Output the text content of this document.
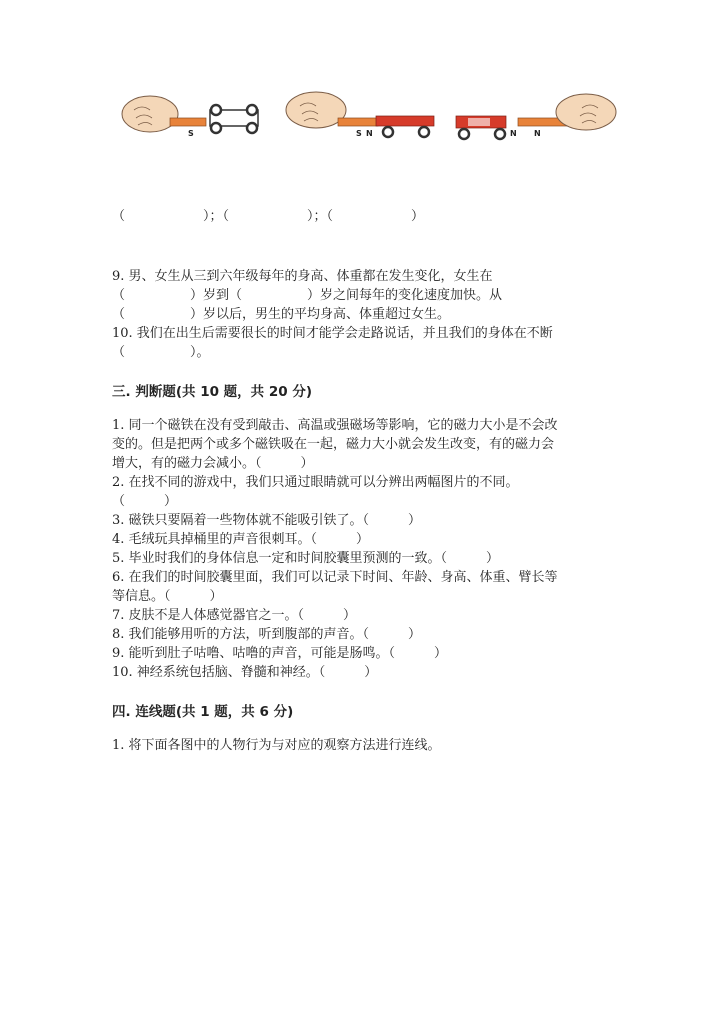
S	S N	N N
（　　　　　　）；（　　　　　　）；（　　　　　　）
9. 男、女生从三到六年级每年的身高、体重都在发生变化，女生在
（　　　　　）岁到（　　　　　）岁之间每年的变化速度加快。从
（　　　　　）岁以后，男生的平均身高、体重超过女生。
10. 我们在出生后需要很长的时间才能学会走路说话，并且我们的身体在不断
（　　　　　）。
三. 判断题(共 10 题，共 20 分)
1. 同一个磁铁在没有受到敲击、高温或强磁场等影响，它的磁力大小是不会改
变的。但是把两个或多个磁铁吸在一起，磁力大小就会发生改变，有的磁力会
增大，有的磁力会减小。（　　　）
2. 在找不同的游戏中，我们只通过眼睛就可以分辨出两幅图片的不同。
（　　　）
3. 磁铁只要隔着一些物体就不能吸引铁了。（　　　）
4. 毛绒玩具掉桶里的声音很刺耳。（　　　）
5. 毕业时我们的身体信息一定和时间胶囊里预测的一致。（　　　）
6. 在我们的时间胶囊里面，我们可以记录下时间、年龄、身高、体重、臂长等
等信息。（　　　）
7. 皮肤不是人体感觉器官之一。（　　　）
8. 我们能够用听的方法，听到腹部的声音。（　　　）
9. 能听到肚子咕噜、咕噜的声音，可能是肠鸣。（　　　）
10. 神经系统包括脑、脊髓和神经。（　　　）
四. 连线题(共 1 题，共 6 分)
1. 将下面各图中的人物行为与对应的观察方法进行连线。
